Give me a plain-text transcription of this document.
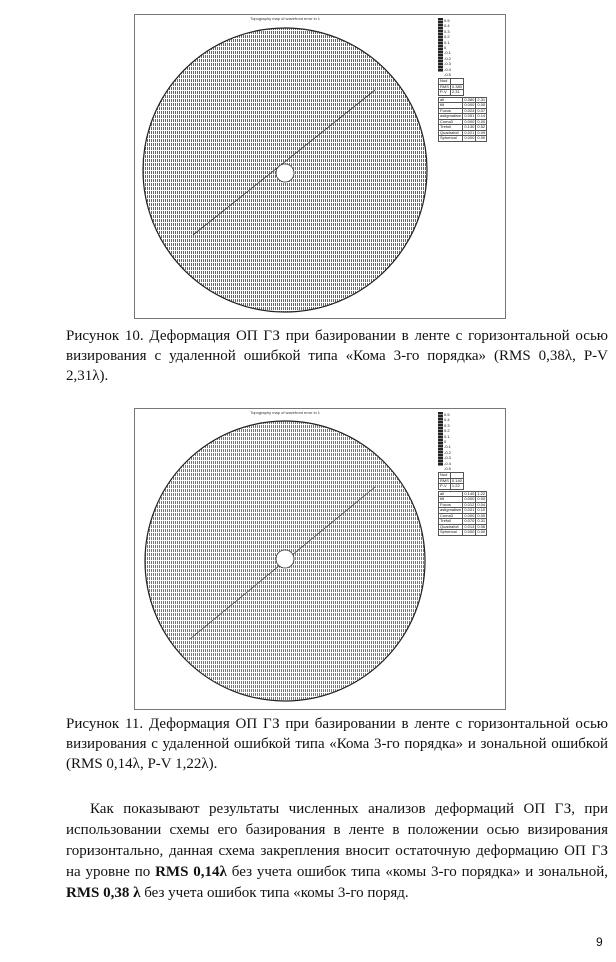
Topography map of wavefront error in λ	0.5
0.4
0.3
0.2
0.1
0
-0.1
-0.2
-0.3
-0.4
-0.5
Nod	
RMS	0.380
P-V	2.31
all	0.380	2.31
tilt	0.000	0.00
Focus	0.024	0.07
astigmatism	0.051	0.14
Coma3	0.000	0.00
Trefoil	0.130	0.52
Quadrafoil	0.021	0.09
Spherical	0.000	0.00
Рисунок 10. Деформация ОП ГЗ при базировании в ленте с горизонтальной осью визирования с удаленной ошибкой типа «Кома 3-го порядка» (RMS 0,38λ, P-V 2,31λ).
Topography map of wavefront error in λ	0.5
0.4
0.3
0.2
0.1
0
-0.1
-0.2
-0.3
-0.4
-0.5
Nod	
RMS	0.140
P-V	1.22
all	0.140	1.22
tilt	0.000	0.00
Focus	0.012	0.04
astigmatism	0.031	0.10
Coma3	0.000	0.00
Trefoil	0.070	0.31
Quadrafoil	0.014	0.06
Spherical	0.000	0.00
Рисунок 11. Деформация ОП ГЗ при базировании в ленте с горизонтальной осью визирования с удаленной ошибкой типа «Кома 3-го порядка» и зональной ошибкой (RMS 0,14λ, P-V 1,22λ).
Как показывают результаты численных анализов деформаций ОП ГЗ, при использовании схемы его базирования в ленте в положении осью визирования горизонтально, данная схема закрепления вносит остаточную деформацию ОП ГЗ на уровне по RMS 0,14λ без учета ошибок типа «комы 3-го порядка» и зональной, RMS 0,38 λ без учета ошибок типа «комы 3-го поряд.
9
